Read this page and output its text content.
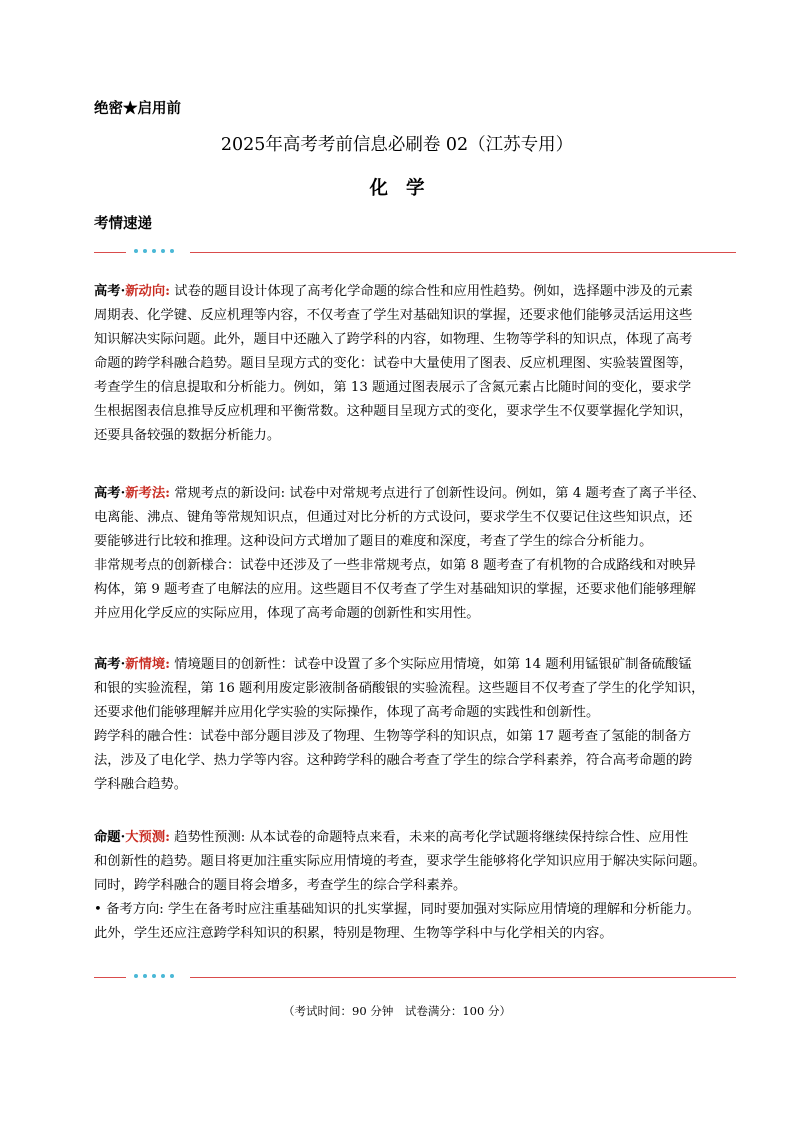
绝密★启用前
2025年高考考前信息必刷卷 02（江苏专用）
化学
考情速递
高考·新动向: 试卷的题目设计体现了高考化学命题的综合性和应用性趋势。例如，选择题中涉及的元素
周期表、化学键、反应机理等内容，不仅考查了学生对基础知识的掌握，还要求他们能够灵活运用这些
知识解决实际问题。此外，题目中还融入了跨学科的内容，如物理、生物等学科的知识点，体现了高考
命题的跨学科融合趋势。题目呈现方式的变化：试卷中大量使用了图表、反应机理图、实验装置图等，
考查学生的信息提取和分析能力。例如，第 13 题通过图表展示了含氮元素占比随时间的变化，要求学
生根据图表信息推导反应机理和平衡常数。这种题目呈现方式的变化，要求学生不仅要掌握化学知识，
还要具备较强的数据分析能力。
高考·新考法: 常规考点的新设问: 试卷中对常规考点进行了创新性设问。例如，第 4 题考查了离子半径、
电离能、沸点、键角等常规知识点，但通过对比分析的方式设问，要求学生不仅要记住这些知识点，还
要能够进行比较和推理。这种设问方式增加了题目的难度和深度，考查了学生的综合分析能力。
非常规考点的创新様合：试卷中还涉及了一些非常规考点，如第 8 题考查了有机物的合成路线和对映异
构体，第 9 题考查了电解法的应用。这些题目不仅考查了学生对基础知识的掌握，还要求他们能够理解
并应用化学反应的实际应用，体现了高考命题的创新性和实用性。
高考·新情境: 情境题目的创新性：试卷中设置了多个实际应用情境，如第 14 题利用锰银矿制备硫酸锰
和银的实验流程，第 16 题利用废定影液制备硝酸银的实验流程。这些题目不仅考查了学生的化学知识，
还要求他们能够理解并应用化学实验的实际操作，体现了高考命题的实践性和创新性。
跨学科的融合性：试卷中部分题目涉及了物理、生物等学科的知识点，如第 17 题考查了氢能的制备方
法，涉及了电化学、热力学等内容。这种跨学科的融合考查了学生的综合学科素养，符合高考命题的跨
学科融合趋势。
命题·大预测: 趋势性预测: 从本试卷的命题特点来看，未来的高考化学试题将继续保持综合性、应用性
和创新性的趋势。题目将更加注重实际应用情境的考查，要求学生能够将化学知识应用于解决实际问题。
同时，跨学科融合的题目将会增多，考查学生的综合学科素养。
• 备考方向: 学生在备考时应注重基础知识的扎实掌握，同时要加强对实际应用情境的理解和分析能力。
此外，学生还应注意跨学科知识的积累，特别是物理、生物等学科中与化学相关的内容。
（考试时间：90 分钟　试卷满分：100 分）
